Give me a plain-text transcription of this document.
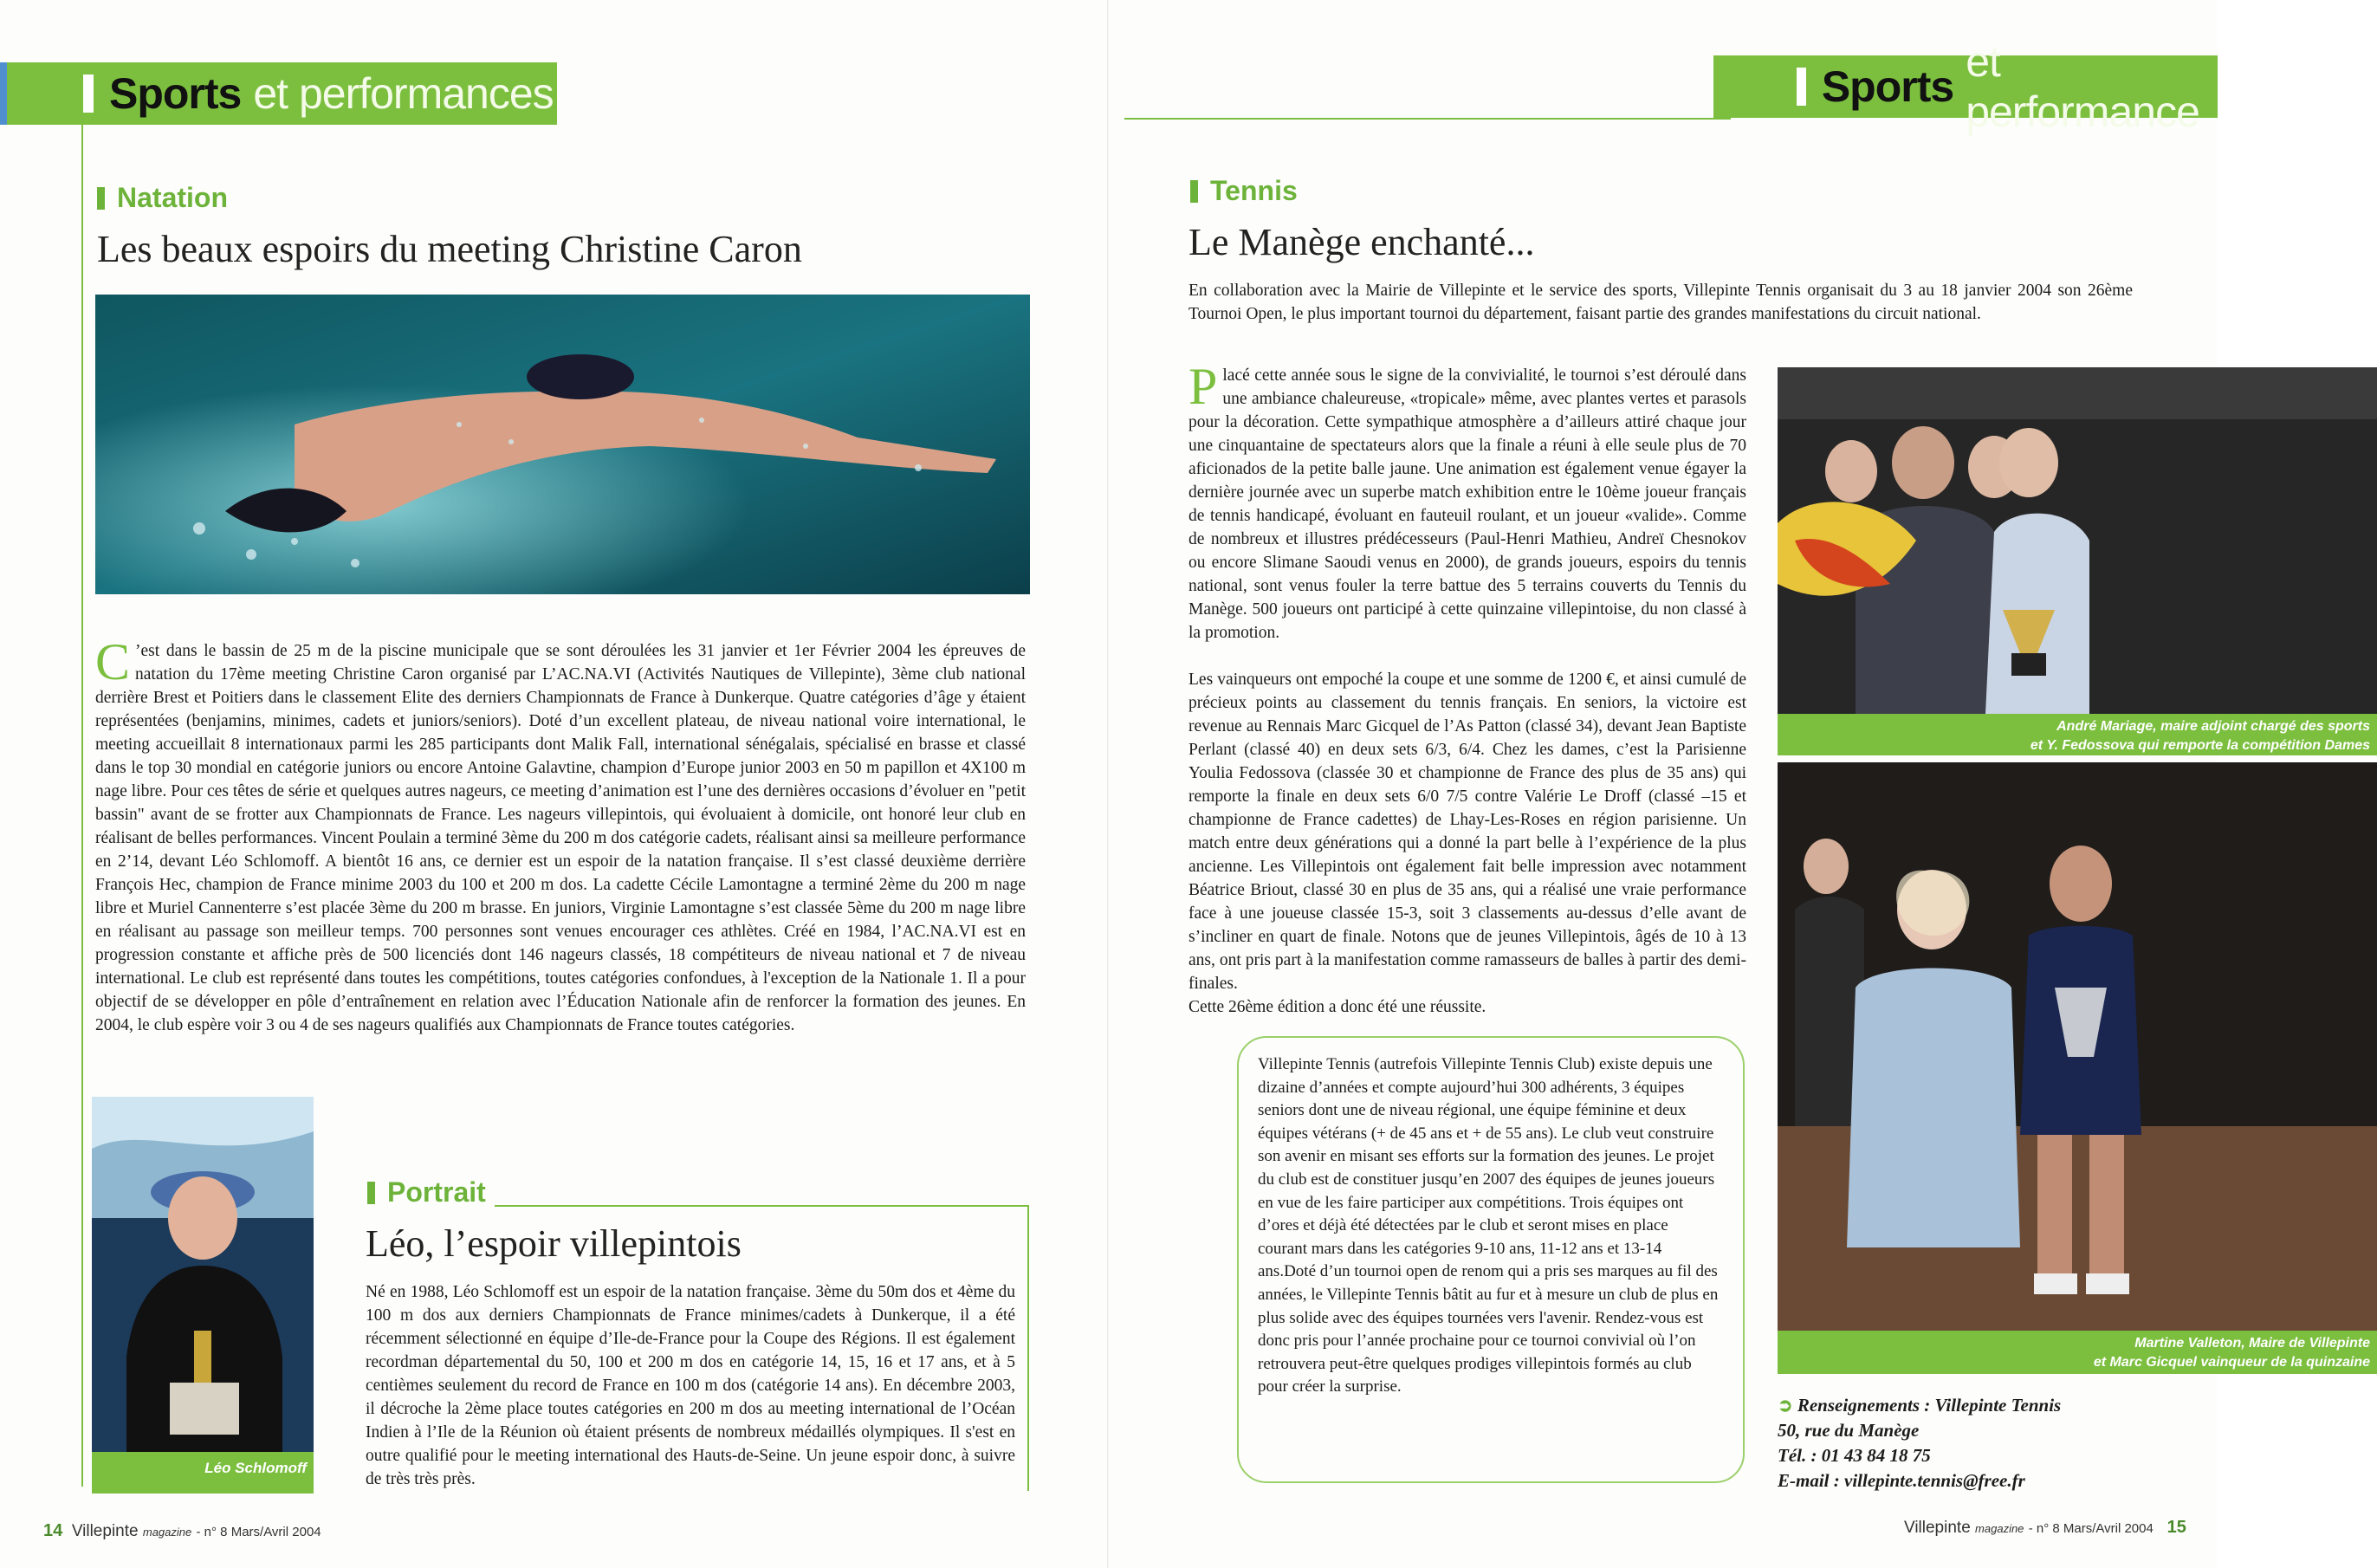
Sports et performances
Natation
Les beaux espoirs du meeting Christine Caron

C ’est dans le bassin de 25 m de la piscine municipale que se sont déroulées les 31 janvier et 1er Février 2004 les épreuves de natation du 17ème meeting Christine Caron organisé par L’AC.NA.VI (Activités Nautiques de Villepinte), 3ème club national derrière Brest et Poitiers dans le classement Elite des derniers Championnats de France à Dunkerque. Quatre catégories d’âge y étaient représentées (benjamins, minimes, cadets et juniors/seniors). Doté d’un excellent plateau, de niveau national voire international, le meeting accueillait 8 internationaux parmi les 285 participants dont Malik Fall, international sénégalais, spécialisé en brasse et classé dans le top 30 mondial en catégorie juniors ou encore Antoine Galavtine, champion d’Europe junior 2003 en 50 m papillon et 4X100 m nage libre. Pour ces têtes de série et quelques autres nageurs, ce meeting d’animation est l’une des dernières occasions d’évoluer en "petit bassin" avant de se frotter aux Championnats de France. Les nageurs villepintois, qui évoluaient à domicile, ont honoré leur club en réalisant de belles performances. Vincent Poulain a terminé 3ème du 200 m dos catégorie cadets, réalisant ainsi sa meilleure performance en 2’14, devant Léo Schlomoff. A bientôt 16 ans, ce dernier est un espoir de la natation française. Il s’est classé deuxième derrière François Hec, champion de France minime 2003 du 100 et 200 m dos. La cadette Cécile Lamontagne a terminé 2ème du 200 m nage libre et Muriel Cannenterre s’est placée 3ème du 200 m brasse. En juniors, Virginie Lamontagne s’est classée 5ème du 200 m nage libre en réalisant au passage son meilleur temps. 700 personnes sont venues encourager ces athlètes. Créé en 1984, l’AC.NA.VI est en progression constante et affiche près de 500 licenciés dont 146 nageurs classés, 18 compétiteurs de niveau national et 7 de niveau international. Le club est représenté dans toutes les compétitions, toutes catégories confondues, à l'exception de la Nationale 1. Il a pour objectif de se développer en pôle d’entraînement en relation avec l’Éducation Nationale afin de renforcer la formation des jeunes. En 2004, le club espère voir 3 ou 4 de ses nageurs qualifiés aux Championnats de France toutes catégories.

Léo Schlomoff
Portrait
Léo, l’espoir villepintois
Né en 1988, Léo Schlomoff est un espoir de la natation française. 3ème du 50m dos et 4ème du 100 m dos aux derniers Championnats de France minimes/cadets à Dunkerque, il a été récemment sélectionné en équipe d’Ile-de-France pour la Coupe des Régions. Il est également recordman départemental du 50, 100 et 200 m dos en catégorie 14, 15, 16 et 17 ans, et à 5 centièmes seulement du record de France en 100 m dos (catégorie 14 ans). En décembre 2003, il décroche la 2ème place toutes catégories en 200 m dos au meeting international de l’Océan Indien à l’Ile de la Réunion où étaient présents de nombreux médaillés olympiques. Il s'est en outre qualifié pour le meeting international des Hauts-de-Seine. Un jeune espoir donc, à suivre de très très près.
14 Villepinte magazine - n° 8 Mars/Avril 2004
Sports
et performance
Tennis
Le Manège enchanté...
En collaboration avec la Mairie de Villepinte et le service des sports, Villepinte Tennis organisait du 3 au 18 janvier 2004 son 26ème Tournoi Open, le plus important tournoi du département, faisant partie des grandes manifestations du circuit national.

Placé cette année sous le signe de la convivialité, le tournoi s’est déroulé dans une ambiance chaleureuse, «tropicale» même, avec plantes vertes et parasols pour la décoration. Cette sympathique atmosphère a d’ailleurs attiré chaque jour une cinquantaine de spectateurs alors que la finale a réuni à elle seule plus de 70 aficionados de la petite balle jaune. Une animation est également venue égayer la dernière journée avec un superbe match exhibition entre le 10ème joueur français de tennis handicapé, évoluant en fauteuil roulant, et un joueur «valide». Comme de nombreux et illustres prédécesseurs (Paul-Henri Mathieu, Andreï Chesnokov ou encore Slimane Saoudi venus en 2000), de grands joueurs, espoirs du tennis national, sont venus fouler la terre battue des 5 terrains couverts du Tennis du Manège. 500 joueurs ont participé à cette quinzaine villepintoise, du non classé à la promotion.

Les vainqueurs ont empoché la coupe et une somme de 1200 €, et ainsi cumulé de précieux points au classement du tennis français. En seniors, la victoire est revenue au Rennais Marc Gicquel de l’As Patton (classé 34), devant Jean Baptiste Perlant (classé 40) en deux sets 6/3, 6/4. Chez les dames, c’est la Parisienne Youlia Fedossova (classée 30 et championne de France des plus de 35 ans) qui remporte la finale en deux sets 6/0 7/5 contre Valérie Le Droff (classé –15 et championne de France cadettes) de Lhay-Les-Roses en région parisienne. Un match entre deux générations qui a donné la part belle à l’expérience de la plus ancienne. Les Villepintois ont également fait belle impression avec notamment Béatrice Briout, classé 30 en plus de 35 ans, qui a réalisé une vraie performance face à une joueuse classée 15-3, soit 3 classements au-dessus d’elle avant de s’incliner en quart de finale. Notons que de jeunes Villepintois, âgés de 10 à 13 ans, ont pris part à la manifestation comme ramasseurs de balles à partir des demi-finales.

Cette 26ème édition a donc été une réussite.

Villepinte Tennis (autrefois Villepinte Tennis Club) existe depuis une dizaine d’années et compte aujourd’hui 300 adhérents, 3 équipes seniors dont une de niveau régional, une équipe féminine et deux équipes vétérans (+ de 45 ans et + de 55 ans). Le club veut construire son avenir en misant ses efforts sur la formation des jeunes. Le projet du club est de constituer jusqu’en 2007 des équipes de jeunes joueurs en vue de les faire participer aux compétitions. Trois équipes ont d’ores et déjà été détectées par le club et seront mises en place courant mars dans les catégories 9-10 ans, 11-12 ans et 13-14 ans.Doté d’un tournoi open de renom qui a pris ses marques au fil des années, le Villepinte Tennis bâtit au fur et à mesure un club de plus en plus solide avec des équipes tournées vers l'avenir. Rendez-vous est donc pris pour l’année prochaine pour ce tournoi convivial où l’on retrouvera peut-être quelques prodiges villepintois formés au club pour créer la surprise.
André Mariage, maire adjoint chargé des sports
et Y. Fedossova qui remporte la compétition Dames
Martine Valleton, Maire de Villepinte
et Marc Gicquel vainqueur de la quinzaine
➲ Renseignements : Villepinte Tennis
50, rue du Manège
Tél. : 01 43 84 18 75
E-mail : villepinte.tennis@free.fr
Villepinte magazine - n° 8 Mars/Avril 2004 15
